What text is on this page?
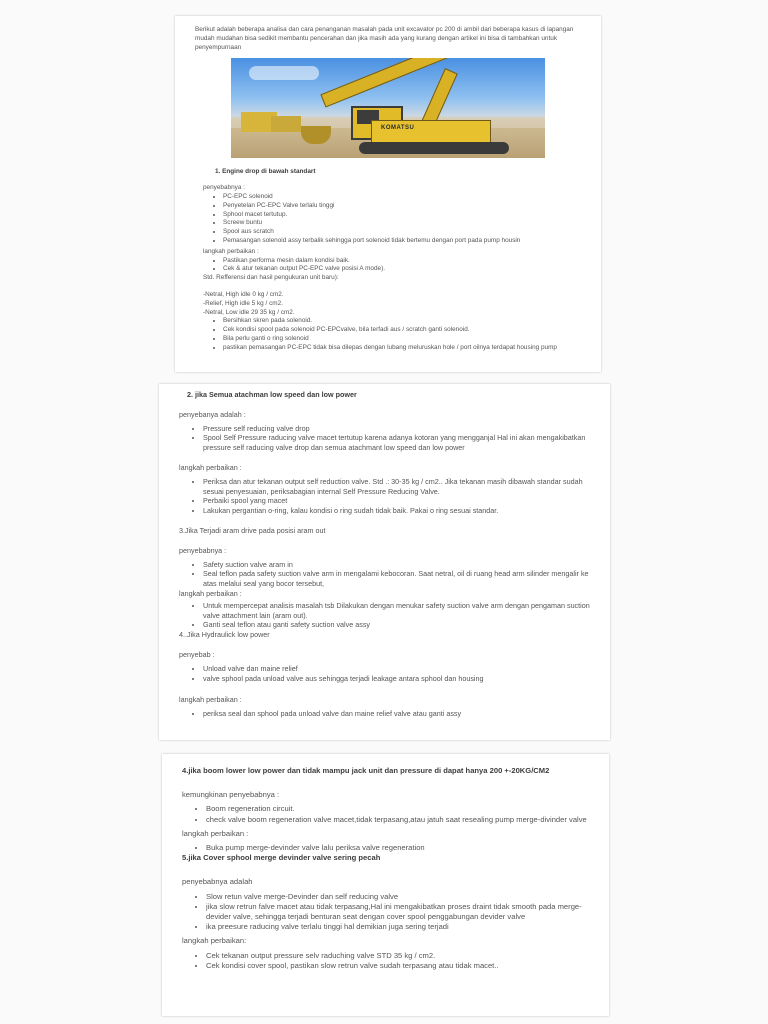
Berikut adalah beberapa analisa dan cara penanganan masalah pada unit excavator pc 200 di ambil dari beberapa kasus di lapangan mudah mudahan bisa sedikit membantu pencerahan dan jika masih ada yang kurang dengan artikel ini bisa di tambahkan untuk penyempurnaan

KOMATSU

1. Engine drop di bawah standart

penyebabnya :

• PC-EPC solenoid
• Penyetelan PC-EPC Valve terlalu tinggi
• Sphool macet tertutup.
• Screew buntu
• Spool aus scratch
• Pemasangan solenoid assy terbalik sehingga port solenoid tidak bertemu dengan port pada pump housin

langkah perbaikan :

• Pastikan performa mesin dalam kondisi baik.
• Cek & atur tekanan output PC-EPC valve posisi A mode).

Std. Refferensi dan hasil pengukuran unit baru):

-Netral, High idle 0 kg / cm2.

-Relief, High idle 5 kg / cm2.

-Netral, Low idle 29 35 kg / cm2.

• Bersihkan skren pada solenoid.
• Cek kondisi spool pada solenoid PC-EPCvalve, bila terfadi aus / scratch ganti solenoid.
• Bila perlu ganti o ring solenoid
• pastikan pemasangan PC-EPC tidak bisa dilepas dengan lubang meluruskan hole / port oilnya terdapat housing pump

2. jika Semua atachman low speed dan low power

penyebanya adalah :

• Pressure self reducing valve drop
• Spool Self Pressure raducing valve macet tertutup karena adanya kotoran yang mengganjal Hal ini akan mengakibatkan pressure self raducing valve drop dan semua atachmant low speed dan low power

langkah perbaikan :

• Periksa dan atur tekanan output self reduction valve. Std .: 30-35 kg / cm2.. Jika tekanan masih dibawah standar sudah sesuai penyesuaian, periksabagian internal Self Pressure Reducing Valve.
• Perbaiki spool yang macet
• Lakukan pergantian o-ring, kalau kondisi o ring sudah tidak baik. Pakai o ring sesuai standar.

3.Jika Terjadi aram drive pada posisi aram out

penyebabnya :

• Safety suction valve aram in
• Seal teflon pada safety suction valve arm in mengalami kebocoran. Saat netral, oil di ruang head arm silinder mengalir ke atas melalui seal yang bocor tersebut,

langkah perbaikan :

• Untuk mempercepat analisis masalah tsb Dilakukan dengan menukar safety suction valve arm dengan pengaman suction valve attachment lain (aram out).
• Ganti seal teflon atau ganti safety suction valve assy

4..Jika Hydraulick low power

penyebab :

• Unload valve dan maine relief
• valve sphool pada unload valve aus sehingga terjadi leakage antara sphool dan housing

langkah perbaikan :

• periksa seal dan sphool pada unload valve dan maine relief valve atau ganti assy

4.jika boom lower low power dan tidak mampu jack unit dan pressure di dapat hanya 200 +-20KG/CM2

kemungkinan penyebabnya :

• Boom regeneration circuit.
• check valve boom regeneration valve macet,tidak terpasang,atau jatuh saat resealing pump merge-divinder valve

langkah perbaikan :

• Buka pump merge-devinder valve lalu periksa valve regeneration

5.jika Cover sphool merge devinder valve sering pecah

penyebabnya adalah

• Slow retun valve merge-Devinder dan self reducing valve
• jika slow retrun falve macet atau tidak terpasang,Hal ini mengakibatkan proses draint tidak smooth pada merge-devider valve, sehingga terjadi benturan seat dengan cover spool penggabungan devider valve
• ika preesure raducing valve terlalu tinggi hal demikian juga sering terjadi

langkah perbaikan:

• Cek tekanan output pressure selv raduching valve STD 35 kg / cm2.
• Cek kondisi cover spool, pastikan slow retrun valve sudah terpasang atau tidak macet..
